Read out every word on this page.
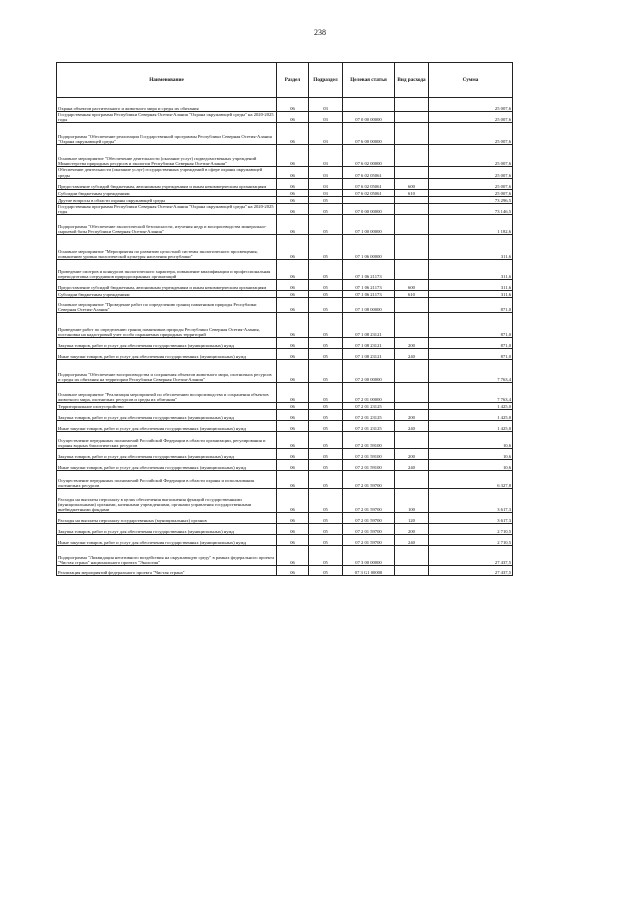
238
Наименование	Раздел	Подраздел	Целевая статья	Вид расхода	Сумма
Охрана объектов растительного и животного мира и среды их обитания	06	03			25 007,6
Государственная программа Республики Северная Осетия-Алания "Охрана окружающей среды" на 2020-2025 годы	06	03	07 0 00 00000		25 007,6
Подпрограмма "Обеспечение реализации Государственной программы Республики Северная Осетия-Алания "Охрана окружающей среды"	06	03	07 6 00 00000		25 007,6
Основное мероприятие "Обеспечение деятельности (оказание услуг) подведомственных учреждений Министерства природных ресурсов и экологии Республики Северная Осетия-Алания"	06	03	07 6 02 00000		25 007,6
Обеспечение деятельности (оказание услуг) государственных учреждений в сфере охраны окружающей среды	06	03	07 6 02 05061		25 007,6
Предоставление субсидий бюджетным, автономным учреждениям и иным некоммерческим организациям	06	03	07 6 02 05061	600	25 007,6
Субсидии бюджетным учреждениям	06	03	07 6 02 05061	610	25 007,6
Другие вопросы в области охраны окружающей среды	06	05			73 296,5
Государственная программа Республики Северная Осетия-Алания "Охрана окружающей среды" на 2020-2025 годы	06	05	07 0 00 00000		73 146,5
Подпрограмма "Обеспечение экологической безопасности, изучения недр и воспроизводства минерально-сырьевой базы Республики Северная Осетия-Алания"	06	05	07 1 00 00000		1 182,6
Основное мероприятие "Мероприятия по развитию целостной системы экологического просвещения, повышению уровня экологической культуры населения республики"	06	05	07 1 06 00000		311,6
Проведение смотров и конкурсов экологического характера, повышение квалификации и профессиональная переподготовка сотрудников природоохранных организаций	06	05	07 1 06 21173		311,6
Предоставление субсидий бюджетным, автономным учреждениям и иным некоммерческим организациям	06	05	07 1 06 21173	600	311,6
Субсидии бюджетным учреждениям	06	05	07 1 06 21173	610	311,6
Основное мероприятие "Проведение работ по определению границ памятников природы Республики Северная Осетия-Алания"	06	05	07 1 08 00000		871,0
Проведение работ по определению границ памятников природы Республики Северная Осетия-Алания, постановка на кадастровый учет особо охраняемых природных территорий	06	05	07 1 08 23121		871,0
Закупка товаров, работ и услуг для обеспечения государственных (муниципальных) нужд	06	05	07 1 08 23121	200	871,0
Иные закупки товаров, работ и услуг для обеспечения государственных (муниципальных) нужд	06	05	07 1 08 23121	240	871,0
Подпрограмма "Обеспечение воспроизводства и сохранения объектов животного мира, охотничьих ресурсов и среды их обитания на территории Республики Северная Осетия-Алания"	06	05	07 2 00 00000		7 763,4
Основное мероприятие "Реализация мероприятий по обеспечению воспроизводства и сохранения объектов животного мира, охотничьих ресурсов и среды их обитания"	06	05	07 2 01 00000		7 763,4
Территориальное охотустройство	06	05	07 2 01 23125		1 425,0
Закупка товаров, работ и услуг для обеспечения государственных (муниципальных) нужд	06	05	07 2 01 23125	200	1 425,0
Иные закупки товаров, работ и услуг для обеспечения государственных (муниципальных) нужд	06	05	07 2 01 23125	240	1 425,0
Осуществление переданных полномочий Российской Федерации в области организации, регулирования и охраны водных биологических ресурсов	06	05	07 2 01 59100		10,6
Закупка товаров, работ и услуг для обеспечения государственных (муниципальных) нужд	06	05	07 2 01 59100	200	10,6
Иные закупки товаров, работ и услуг для обеспечения государственных (муниципальных) нужд	06	05	07 2 01 59100	240	10,6
Осуществление переданных полномочий Российской Федерации в области охраны и использования охотничьих ресурсов	06	05	07 2 01 59700		6 327,8
Расходы на выплаты персоналу в целях обеспечения выполнения функций государственными (муниципальными) органами, казенными учреждениями, органами управления государственными внебюджетными фондами	06	05	07 2 01 59700	100	3 617,3
Расходы на выплаты персоналу государственных (муниципальных) органов	06	05	07 2 01 59700	120	3 617,3
Закупка товаров, работ и услуг для обеспечения государственных (муниципальных) нужд	06	05	07 2 01 59700	200	2 710,5
Иные закупки товаров, работ и услуг для обеспечения государственных (муниципальных) нужд	06	05	07 2 01 59700	240	2 710,5
Подпрограмма "Ликвидация негативного воздействия на окружающую среду" в рамках федерального проекта "Чистая страна" национального проекта "Экология"	06	05	07 3 00 00000		27 437,5
Реализация мероприятий федерального проекта "Чистая страна"	06	05	07 3 G1 00000		27 437,5
